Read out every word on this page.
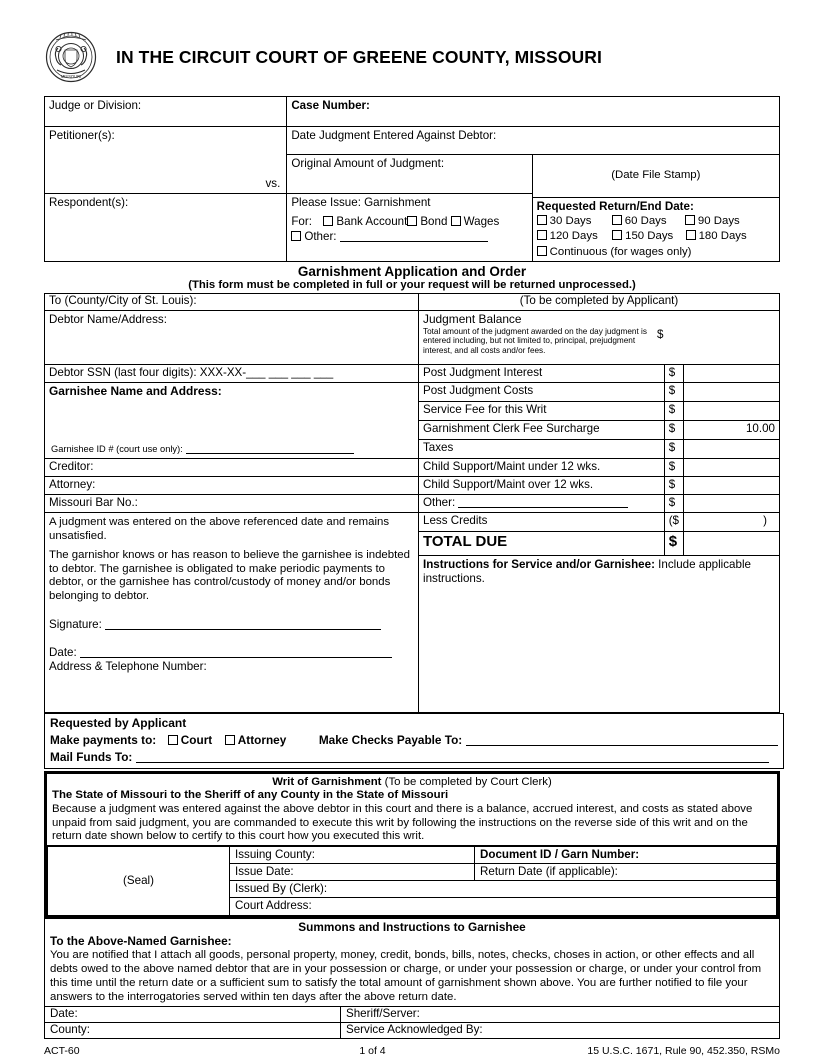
MISSOURI
IN THE CIRCUIT COURT OF GREENE COUNTY, MISSOURI
Judge or Division:	Case Number:	
Petitioner(s):
vs.	Date Judgment Entered Against Debtor:	
	Original Amount of Judgment:	(Date File Stamp)
Requested Return/End Date:
30 Days 60 Days 90 Days
120 Days 150 Days 180 Days
Continuous (for wages only)

Respondent(s):	Please Issue: Garnishment
For: Bank Account Bond Wages
Other:	
Garnishment Application and Order
(This form must be completed in full or your request will be returned unprocessed.)
To (County/City of St. Louis):	(To be completed by Applicant)		
Debtor Name/Address:	Judgment Balance
Total amount of the judgment awarded on the day judgment is entered including, but not limited to, principal, prejudgment interest, and all costs and/or fees.
$		

Debtor SSN (last four digits): XXX-XX-___ ___ ___ ___	Post Judgment Interest	$	

Garnishee Name and Address:
Garnishee ID # (court use only):	Post Judgment Costs	$	
	Service Fee for this Writ	$	
	Garnishment Clerk Fee Surcharge	$	10.00
	Taxes	$	
Creditor:	Child Support/Maint under 12 wks.	$	
Attorney:	Child Support/Maint over 12 wks.	$	
Missouri Bar No.:	Other:	$	

A judgment was entered on the above referenced date and remains unsatisfied.
The garnishor knows or has reason to believe the garnishee is indebted to debtor. The garnishee is obligated to make periodic payments to debtor, or the garnishee has control/custody of money and/or bonds belonging to debtor.
Signature:
Date:
Address & Telephone Number:	Less Credits	($	)
	TOTAL DUE	$	
	Instructions for Service and/or Garnishee: Include applicable instructions.		
Requested by Applicant
Make payments to: Court Attorney	Make Checks Payable To:
Mail Funds To:
Writ of Garnishment (To be completed by Court Clerk)
The State of Missouri to the Sheriff of any County in the State of Missouri
Because a judgment was entered against the above debtor in this court and there is a balance, accrued interest, and costs as stated above unpaid from said judgment, you are commanded to execute this writ by following the instructions on the reverse side of this writ and on the return date shown below to certify to this court how you executed this writ.
(Seal)	Issuing County:	Document ID / Garn Number:
	Issue Date:	Return Date (if applicable):
	Issued By (Clerk):	
	Court Address:	
Summons and Instructions to Garnishee
To the Above-Named Garnishee:
You are notified that I attach all goods, personal property, money, credit, bonds, bills, notes, checks, choses in action, or other effects and all debts owed to the above named debtor that are in your possession or charge, or under your possession or charge, or under your control from this time until the return date or a sufficient sum to satisfy the total amount of garnishment shown above. You are further notified to file your answers to the interrogatories served within ten days after the above return date.	

Date:	Sheriff/Server:
County:	Service Acknowledged By:
ACT-60	1 of 4	15 U.S.C. 1671, Rule 90, 452.350, RSMo
